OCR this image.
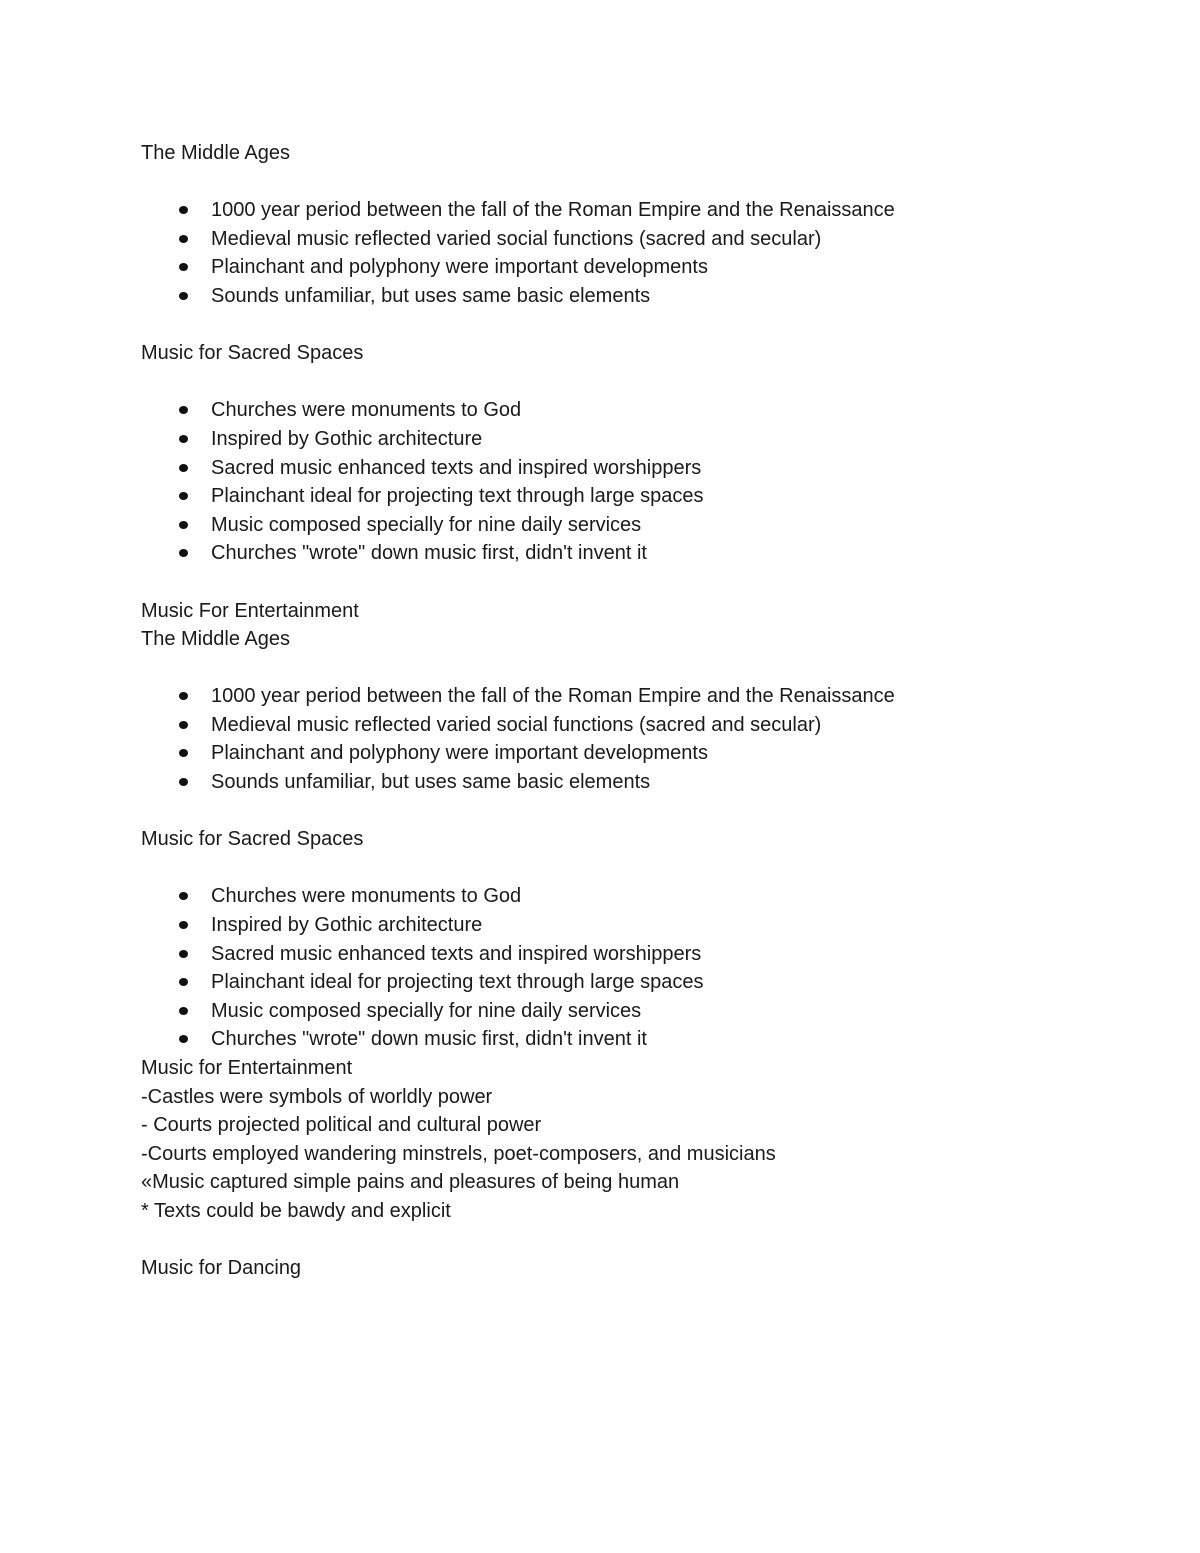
The Middle Ages
1000 year period between the fall of the Roman Empire and the Renaissance
Medieval music reflected varied social functions (sacred and secular)
Plainchant and polyphony were important developments
Sounds unfamiliar, but uses same basic elements
Music for Sacred Spaces
Churches were monuments to God
Inspired by Gothic architecture
Sacred music enhanced texts and inspired worshippers
Plainchant ideal for projecting text through large spaces
Music composed specially for nine daily services
Churches "wrote" down music first, didn't invent it
Music For Entertainment
The Middle Ages
1000 year period between the fall of the Roman Empire and the Renaissance
Medieval music reflected varied social functions (sacred and secular)
Plainchant and polyphony were important developments
Sounds unfamiliar, but uses same basic elements
Music for Sacred Spaces
Churches were monuments to God
Inspired by Gothic architecture
Sacred music enhanced texts and inspired worshippers
Plainchant ideal for projecting text through large spaces
Music composed specially for nine daily services
Churches "wrote" down music first, didn't invent it
Music for Entertainment
-Castles were symbols of worldly power
- Courts projected political and cultural power
-Courts employed wandering minstrels, poet-composers, and musicians
«Music captured simple pains and pleasures of being human
* Texts could be bawdy and explicit
Music for Dancing
